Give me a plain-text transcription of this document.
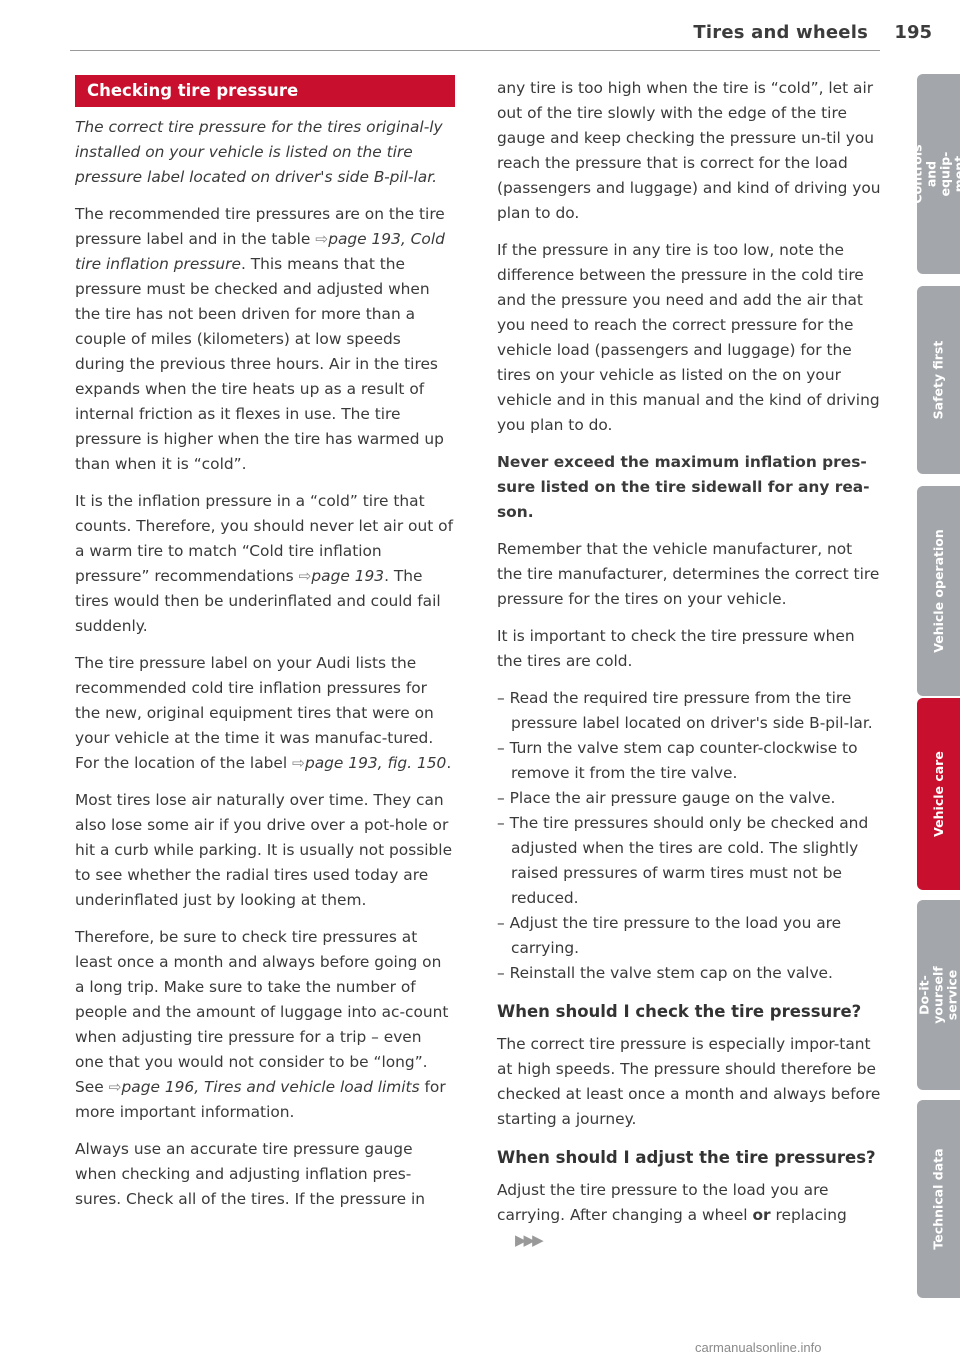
Tires and wheels 195
Checking tire pressure

The correct tire pressure for the tires original-ly installed on your vehicle is listed on the tire pressure label located on driver's side B-pil-lar.

The recommended tire pressures are on the tire pressure label and in the table ⇨page 193, Cold tire inflation pressure. This means that the pressure must be checked and adjusted when the tire has not been driven for more than a couple of miles (kilometers) at low speeds during the previous three hours. Air in the tires expands when the tire heats up as a result of internal friction as it flexes in use. The tire pressure is higher when the tire has warmed up than when it is “cold”.

It is the inflation pressure in a “cold” tire that counts. Therefore, you should never let air out of a warm tire to match “Cold tire inflation pressure” recommendations ⇨page 193. The tires would then be underinflated and could fail suddenly.

The tire pressure label on your Audi lists the recommended cold tire inflation pressures for the new, original equipment tires that were on your vehicle at the time it was manufac-tured. For the location of the label ⇨page 193, fig. 150.

Most tires lose air naturally over time. They can also lose some air if you drive over a pot-hole or hit a curb while parking. It is usually not possible to see whether the radial tires used today are underinflated just by looking at them.

Therefore, be sure to check tire pressures at least once a month and always before going on a long trip. Make sure to take the number of people and the amount of luggage into ac-count when adjusting tire pressure for a trip – even one that you would not consider to be “long”. See ⇨page 196, Tires and vehicle load limits for more important information.

Always use an accurate tire pressure gauge when checking and adjusting inflation pres-sures. Check all of the tires. If the pressure in

any tire is too high when the tire is “cold”, let air out of the tire slowly with the edge of the tire gauge and keep checking the pressure un-til you reach the pressure that is correct for the load (passengers and luggage) and kind of driving you plan to do.

If the pressure in any tire is too low, note the difference between the pressure in the cold tire and the pressure you need and add the air that you need to reach the correct pressure for the vehicle load (passengers and luggage) for the tires on your vehicle as listed on the on your vehicle and in this manual and the kind of driving you plan to do.

Never exceed the maximum inflation pres-sure listed on the tire sidewall for any rea-son.

Remember that the vehicle manufacturer, not the tire manufacturer, determines the correct tire pressure for the tires on your vehicle.

It is important to check the tire pressure when the tires are cold.

– Read the required tire pressure from the tire pressure label located on driver's side B-pil-lar.
– Turn the valve stem cap counter-clockwise to remove it from the tire valve.
– Place the air pressure gauge on the valve.
– The tire pressures should only be checked and adjusted when the tires are cold. The slightly raised pressures of warm tires must not be reduced.
– Adjust the tire pressure to the load you are carrying.
– Reinstall the valve stem cap on the valve.
When should I check the tire pressure?

The correct tire pressure is especially impor-tant at high speeds. The pressure should therefore be checked at least once a month and always before starting a journey.

When should I adjust the tire pressures?

Adjust the tire pressure to the load you are carrying. After changing a wheel or replacing▶▶▶

Controls and equip-ment
Safety first
Vehicle operation
Vehicle care
Do-it-yourself service
Technical data
carmanualsonline.info
